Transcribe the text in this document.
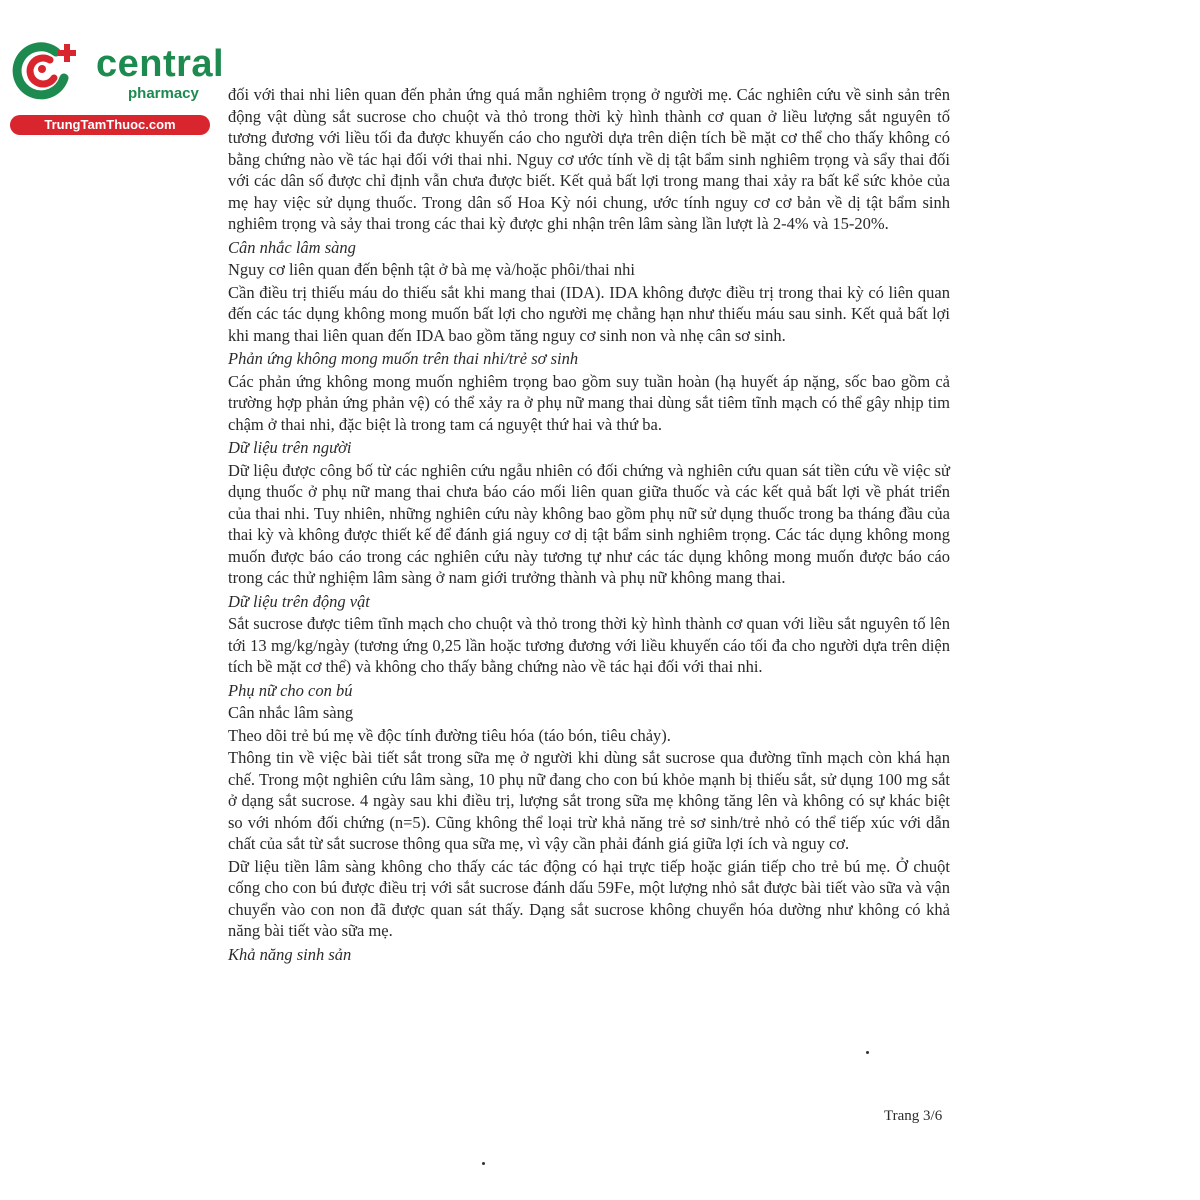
central
pharmacy
TrungTamThuoc.com

đối với thai nhi liên quan đến phản ứng quá mẫn nghiêm trọng ở người mẹ. Các nghiên cứu về sinh sản trên động vật dùng sắt sucrose cho chuột và thỏ trong thời kỳ hình thành cơ quan ở liều lượng sắt nguyên tố tương đương với liều tối đa được khuyến cáo cho người dựa trên diện tích bề mặt cơ thể cho thấy không có bằng chứng nào về tác hại đối với thai nhi. Nguy cơ ước tính về dị tật bẩm sinh nghiêm trọng và sẩy thai đối với các dân số được chỉ định vẫn chưa được biết. Kết quả bất lợi trong mang thai xảy ra bất kể sức khỏe của mẹ hay việc sử dụng thuốc. Trong dân số Hoa Kỳ nói chung, ước tính nguy cơ cơ bản về dị tật bẩm sinh nghiêm trọng và sảy thai trong các thai kỳ được ghi nhận trên lâm sàng lần lượt là 2-4% và 15-20%.

Cân nhắc lâm sàng

Nguy cơ liên quan đến bệnh tật ở bà mẹ và/hoặc phôi/thai nhi

Cần điều trị thiếu máu do thiếu sắt khi mang thai (IDA). IDA không được điều trị trong thai kỳ có liên quan đến các tác dụng không mong muốn bất lợi cho người mẹ chẳng hạn như thiếu máu sau sinh. Kết quả bất lợi khi mang thai liên quan đến IDA bao gồm tăng nguy cơ sinh non và nhẹ cân sơ sinh.

Phản ứng không mong muốn trên thai nhi/trẻ sơ sinh

Các phản ứng không mong muốn nghiêm trọng bao gồm suy tuần hoàn (hạ huyết áp nặng, sốc bao gồm cả trường hợp phản ứng phản vệ) có thể xảy ra ở phụ nữ mang thai dùng sắt tiêm tĩnh mạch có thể gây nhịp tim chậm ở thai nhi, đặc biệt là trong tam cá nguyệt thứ hai và thứ ba.

Dữ liệu trên người

Dữ liệu được công bố từ các nghiên cứu ngẫu nhiên có đối chứng và nghiên cứu quan sát tiền cứu về việc sử dụng thuốc ở phụ nữ mang thai chưa báo cáo mối liên quan giữa thuốc và các kết quả bất lợi về phát triển của thai nhi. Tuy nhiên, những nghiên cứu này không bao gồm phụ nữ sử dụng thuốc trong ba tháng đầu của thai kỳ và không được thiết kế để đánh giá nguy cơ dị tật bẩm sinh nghiêm trọng. Các tác dụng không mong muốn được báo cáo trong các nghiên cứu này tương tự như các tác dụng không mong muốn được báo cáo trong các thử nghiệm lâm sàng ở nam giới trưởng thành và phụ nữ không mang thai.

Dữ liệu trên động vật

Sắt sucrose được tiêm tĩnh mạch cho chuột và thỏ trong thời kỳ hình thành cơ quan với liều sắt nguyên tố lên tới 13 mg/kg/ngày (tương ứng 0,25 lần hoặc tương đương với liều khuyến cáo tối đa cho người dựa trên diện tích bề mặt cơ thể) và không cho thấy bằng chứng nào về tác hại đối với thai nhi.

Phụ nữ cho con bú

Cân nhắc lâm sàng

Theo dõi trẻ bú mẹ về độc tính đường tiêu hóa (táo bón, tiêu chảy).

Thông tin về việc bài tiết sắt trong sữa mẹ ở người khi dùng sắt sucrose qua đường tĩnh mạch còn khá hạn chế. Trong một nghiên cứu lâm sàng, 10 phụ nữ đang cho con bú khỏe mạnh bị thiếu sắt, sử dụng 100 mg sắt ở dạng sắt sucrose. 4 ngày sau khi điều trị, lượng sắt trong sữa mẹ không tăng lên và không có sự khác biệt so với nhóm đối chứng (n=5). Cũng không thể loại trừ khả năng trẻ sơ sinh/trẻ nhỏ có thể tiếp xúc với dẫn chất của sắt từ sắt sucrose thông qua sữa mẹ, vì vậy cần phải đánh giá giữa lợi ích và nguy cơ.

Dữ liệu tiền lâm sàng không cho thấy các tác động có hại trực tiếp hoặc gián tiếp cho trẻ bú mẹ. Ở chuột cống cho con bú được điều trị với sắt sucrose đánh dấu 59Fe, một lượng nhỏ sắt được bài tiết vào sữa và vận chuyển vào con non đã được quan sát thấy. Dạng sắt sucrose không chuyển hóa dường như không có khả năng bài tiết vào sữa mẹ.

Khả năng sinh sản

Trang 3/6
